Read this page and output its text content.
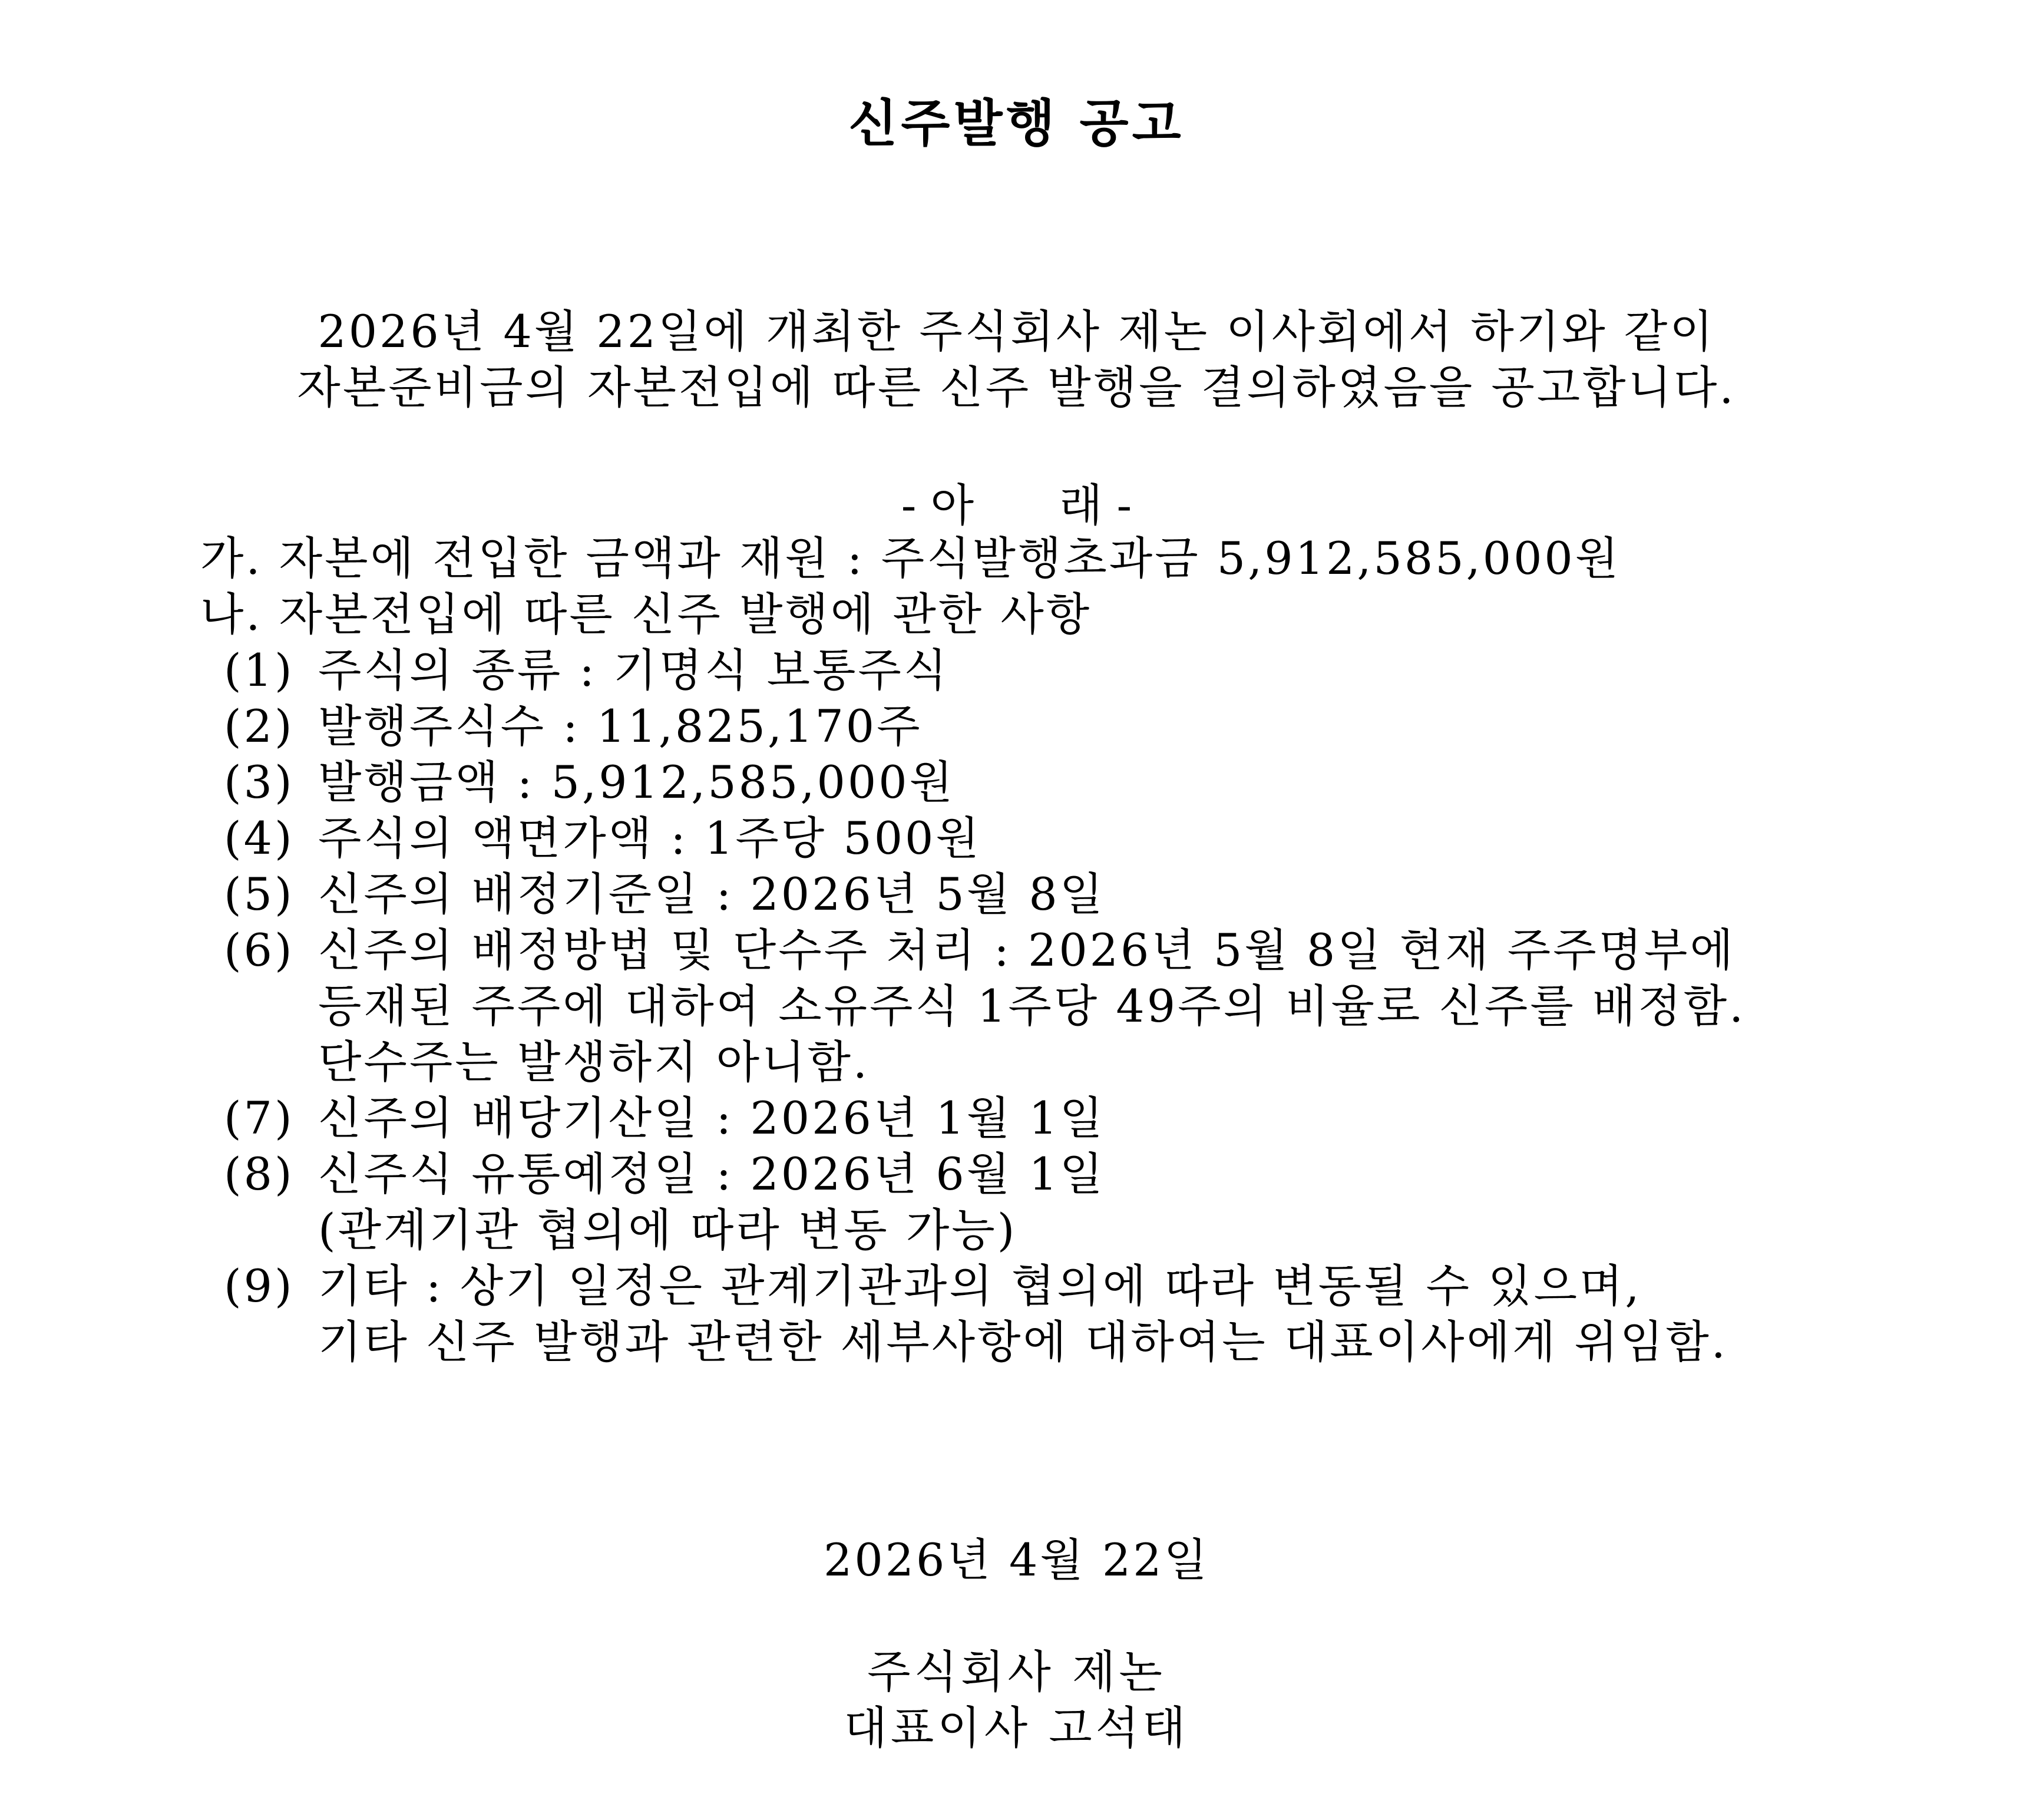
신주발행 공고
2026년 4월 22일에 개최한 주식회사 제논 이사회에서 하기와 같이
자본준비금의 자본전입에 따른 신주 발행을 결의하였음을 공고합니다.
- 아      래 -
가. 자본에 전입한 금액과 재원 : 주식발행초과금 5,912,585,000원
나. 자본전입에 따른 신주 발행에 관한 사항
(1) 주식의 종류 : 기명식 보통주식
(2) 발행주식수 : 11,825,170주
(3) 발행금액 : 5,912,585,000원
(4) 주식의 액면가액 : 1주당 500원
(5) 신주의 배정기준일 : 2026년 5월 8일
(6) 신주의 배정방법 및 단수주 처리 : 2026년 5월 8일 현재 주주명부에
등재된 주주에 대하여 소유주식 1주당 49주의 비율로 신주를 배정함.
단수주는 발생하지 아니함.
(7) 신주의 배당기산일 : 2026년 1월 1일
(8) 신주식 유통예정일 : 2026년 6월 1일
(관계기관 협의에 따라 변동 가능)
(9) 기타 : 상기 일정은 관계기관과의 협의에 따라 변동될 수 있으며,
기타 신주 발행과 관련한 세부사항에 대하여는 대표이사에게 위임함.
2026년 4월 22일
주식회사 제논
대표이사 고석태
